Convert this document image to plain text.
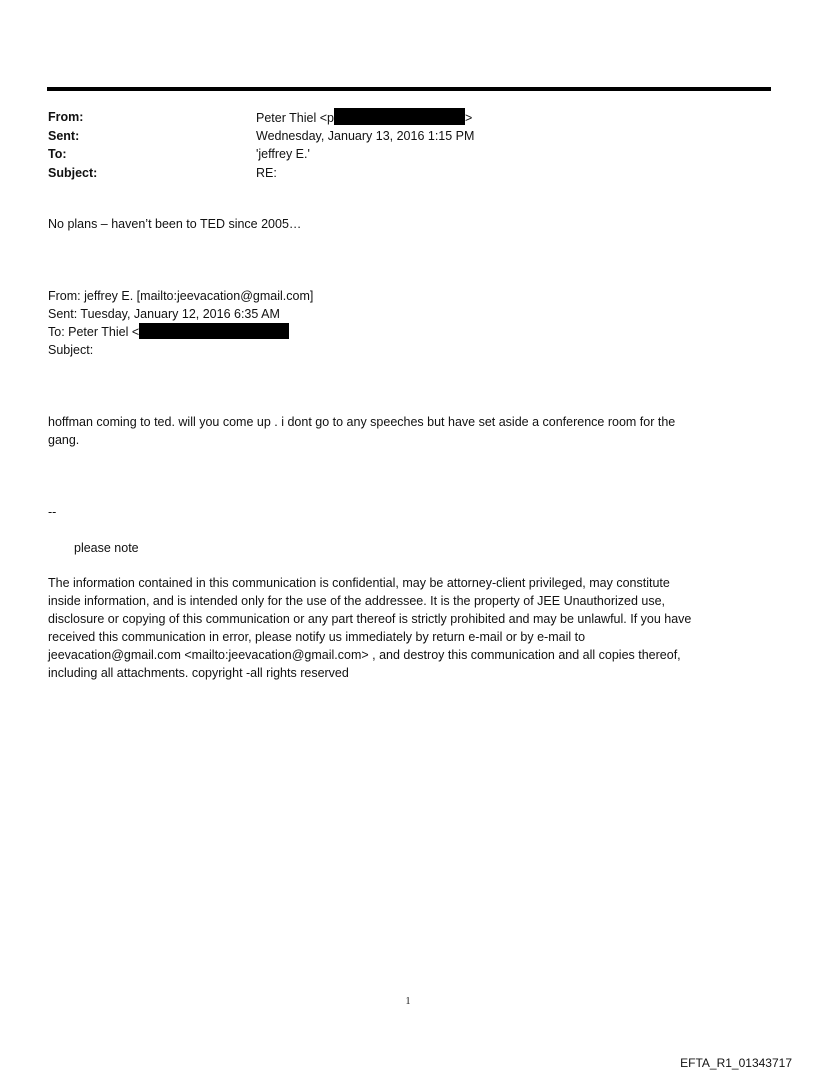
From:	Peter Thiel <p	>
Sent:	Wednesday, January 13, 2016 1:15 PM
To:	'jeffrey E.'
Subject:	RE:

No plans – haven’t been to TED since 2005…

From: jeffrey E. [mailto:jeevacation@gmail.com]
Sent: Tuesday, January 12, 2016 6:35 AM
To: Peter Thiel <
Subject:
hoffman coming to ted. will you come up . i dont go to any speeches but have set aside a conference room for the
gang.

--

please note

The information contained in this communication is confidential, may be attorney-client privileged, may constitute
inside information, and is intended only for the use of the addressee. It is the property of JEE Unauthorized use,
disclosure or copying of this communication or any part thereof is strictly prohibited and may be unlawful. If you have
received this communication in error, please notify us immediately by return e-mail or by e-mail to
jeevacation@gmail.com <mailto:jeevacation@gmail.com> , and destroy this communication and all copies thereof,
including all attachments. copyright -all rights reserved
1
EFTA_R1_01343717
